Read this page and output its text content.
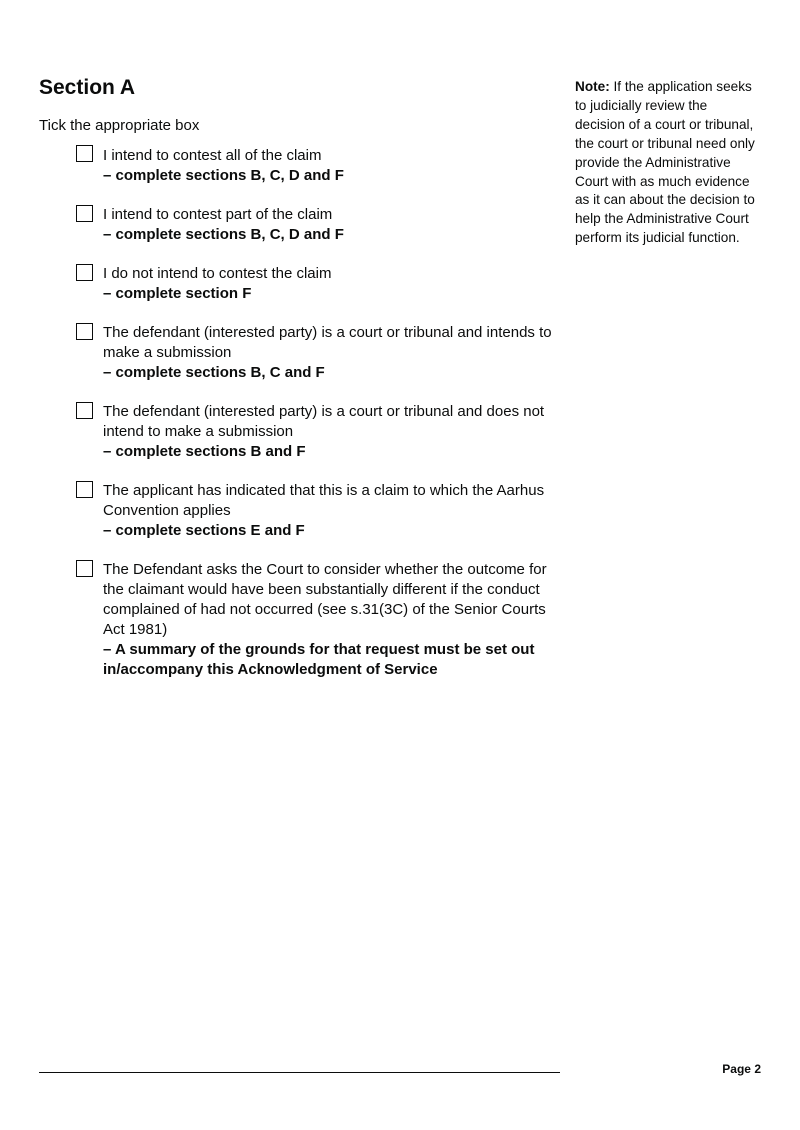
Section A
Tick the appropriate box
I intend to contest all of the claim
– complete sections B, C, D and F
I intend to contest part of the claim
– complete sections B, C, D and F
I do not intend to contest the claim
– complete section F
The defendant (interested party) is a court or tribunal and intends to make a submission
– complete sections B, C and F
The defendant (interested party) is a court or tribunal and does not intend to make a submission
– complete sections B and F
The applicant has indicated that this is a claim to which the Aarhus Convention applies
– complete sections E and F
The Defendant asks the Court to consider whether the outcome for the claimant would have been substantially different if the conduct complained of had not occurred (see s.31(3C) of the Senior Courts Act 1981)
– A summary of the grounds for that request must be set out in/accompany this Acknowledgment of Service
Note: If the application seeks to judicially review the decision of a court or tribunal, the court or tribunal need only provide the Administrative Court with as much evidence as it can about the decision to help the Administrative Court perform its judicial function.
Page 2
